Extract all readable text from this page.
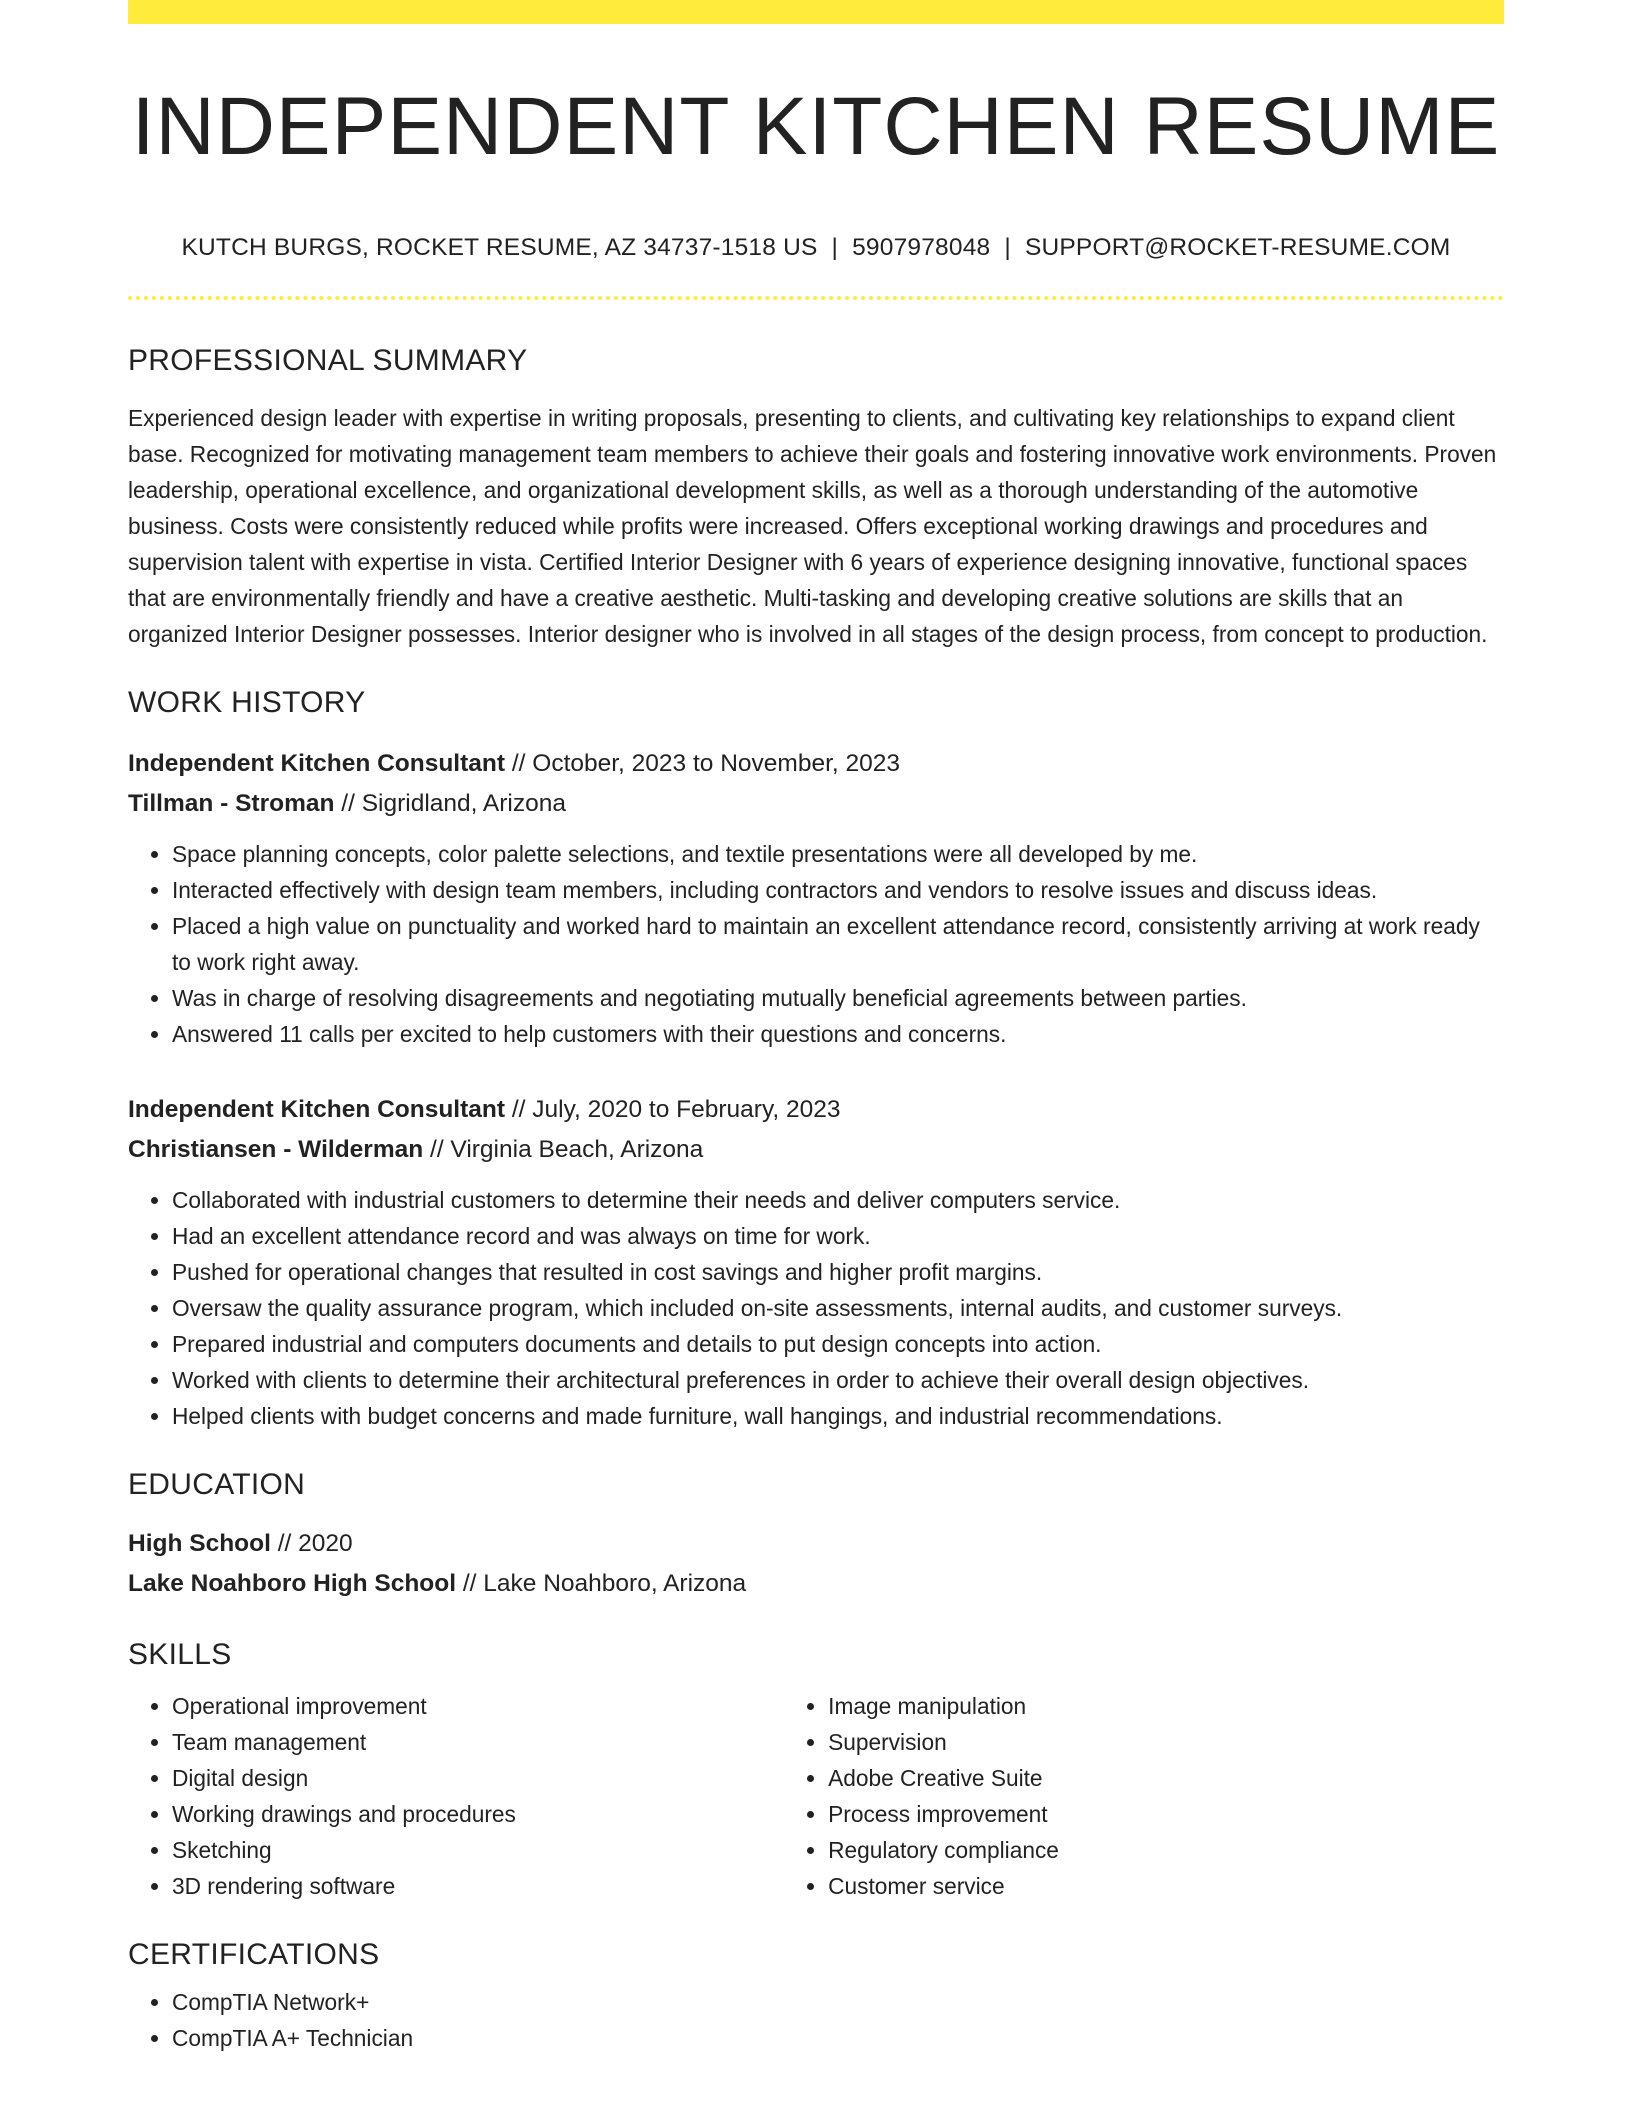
INDEPENDENT KITCHEN RESUME
KUTCH BURGS, ROCKET RESUME, AZ 34737-1518 US | 5907978048 | SUPPORT@ROCKET-RESUME.COM
PROFESSIONAL SUMMARY

Experienced design leader with expertise in writing proposals, presenting to clients, and cultivating key relationships to expand client base. Recognized for motivating management team members to achieve their goals and fostering innovative work environments. Proven leadership, operational excellence, and organizational development skills, as well as a thorough understanding of the automotive business. Costs were consistently reduced while profits were increased. Offers exceptional working drawings and procedures and supervision talent with expertise in vista. Certified Interior Designer with 6 years of experience designing innovative, functional spaces that are environmentally friendly and have a creative aesthetic. Multi-tasking and developing creative solutions are skills that an organized Interior Designer possesses. Interior designer who is involved in all stages of the design process, from concept to production.

WORK HISTORY
Independent Kitchen Consultant // October, 2023 to November, 2023
Tillman - Stroman // Sigridland, Arizona
• Space planning concepts, color palette selections, and textile presentations were all developed by me.
• Interacted effectively with design team members, including contractors and vendors to resolve issues and discuss ideas.
• Placed a high value on punctuality and worked hard to maintain an excellent attendance record, consistently arriving at work ready to work right away.
• Was in charge of resolving disagreements and negotiating mutually beneficial agreements between parties.
• Answered 11 calls per excited to help customers with their questions and concerns.
Independent Kitchen Consultant // July, 2020 to February, 2023
Christiansen - Wilderman // Virginia Beach, Arizona
• Collaborated with industrial customers to determine their needs and deliver computers service.
• Had an excellent attendance record and was always on time for work.
• Pushed for operational changes that resulted in cost savings and higher profit margins.
• Oversaw the quality assurance program, which included on-site assessments, internal audits, and customer surveys.
• Prepared industrial and computers documents and details to put design concepts into action.
• Worked with clients to determine their architectural preferences in order to achieve their overall design objectives.
• Helped clients with budget concerns and made furniture, wall hangings, and industrial recommendations.
EDUCATION
High School // 2020
Lake Noahboro High School // Lake Noahboro, Arizona
SKILLS
• Operational improvement
• Team management
• Digital design
• Working drawings and procedures
• Sketching
• 3D rendering software
• Image manipulation
• Supervision
• Adobe Creative Suite
• Process improvement
• Regulatory compliance
• Customer service
CERTIFICATIONS
• CompTIA Network+
• CompTIA A+ Technician
